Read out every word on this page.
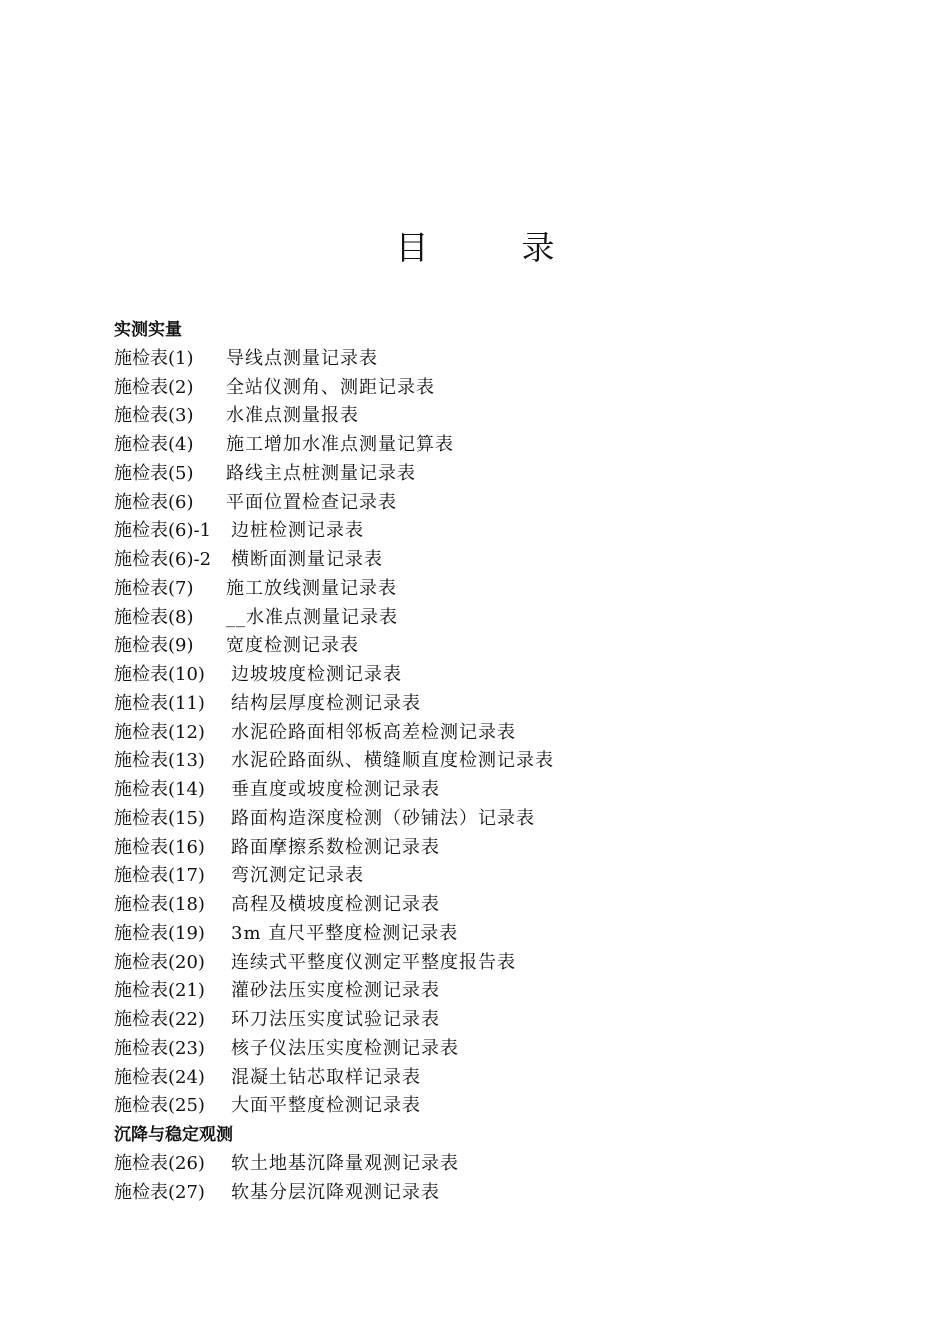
目　录
实测实量
施检表(1)	导线点测量记录表
施检表(2)	全站仪测角、测距记录表
施检表(3)	水准点测量报表
施检表(4)	施工增加水准点测量记算表
施检表(5)	路线主点桩测量记录表
施检表(6)	平面位置检查记录表
施检表(6)-1	边桩检测记录表
施检表(6)-2	横断面测量记录表
施检表(7)	施工放线测量记录表
施检表(8)	__水准点测量记录表
施检表(9)	宽度检测记录表
施检表(10)	边坡坡度检测记录表
施检表(11)	结构层厚度检测记录表
施检表(12)	水泥砼路面相邻板高差检测记录表
施检表(13)	水泥砼路面纵、横缝顺直度检测记录表
施检表(14)	垂直度或坡度检测记录表
施检表(15)	路面构造深度检测（砂铺法）记录表
施检表(16)	路面摩擦系数检测记录表
施检表(17)	弯沉测定记录表
施检表(18)	高程及横坡度检测记录表
施检表(19)	3m 直尺平整度检测记录表
施检表(20)	连续式平整度仪测定平整度报告表
施检表(21)	灌砂法压实度检测记录表
施检表(22)	环刀法压实度试验记录表
施检表(23)	核子仪法压实度检测记录表
施检表(24)	混凝土钻芯取样记录表
施检表(25)	大面平整度检测记录表
沉降与稳定观测
施检表(26)	软土地基沉降量观测记录表
施检表(27)	软基分层沉降观测记录表
